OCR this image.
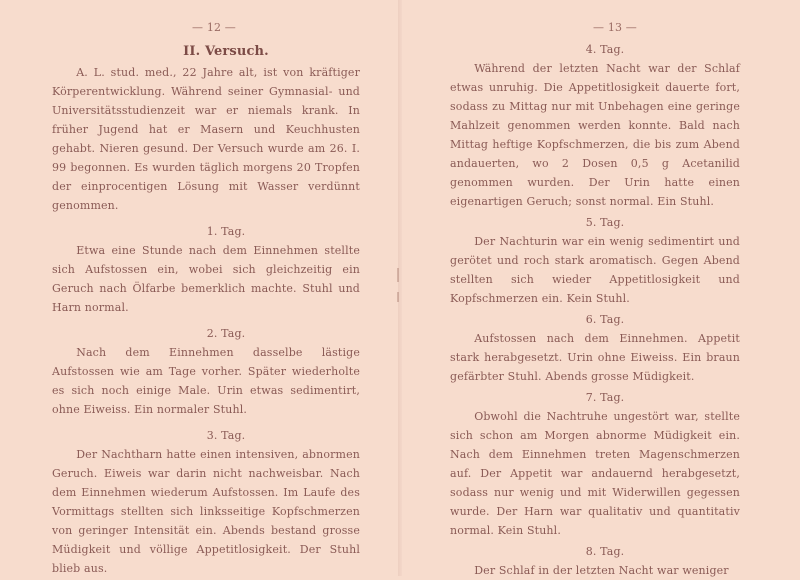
— 12 —
II. Versuch.

A. L. stud. med., 22 Jahre alt, ist von kräftiger Körperentwicklung. Während seiner Gymnasial- und Universitätsstudienzeit war er niemals krank. In früher Jugend hat er Masern und Keuchhusten gehabt. Nieren gesund. Der Versuch wurde am 26. I. 99 begonnen. Es wurden täglich morgens 20 Tropfen der einprocentigen Lösung mit Wasser verdünnt genommen.

1. Tag.

Etwa eine Stunde nach dem Einnehmen stellte sich Aufstossen ein, wobei sich gleichzeitig ein Geruch nach Ölfarbe bemerklich machte. Stuhl und Harn normal.

2. Tag.

Nach dem Einnehmen dasselbe lästige Aufstossen wie am Tage vorher. Später wiederholte es sich noch einige Male. Urin etwas sedimentirt, ohne Eiweiss. Ein normaler Stuhl.

3. Tag.

Der Nachtharn hatte einen intensiven, abnormen Geruch. Eiweis war darin nicht nachweisbar. Nach dem Einnehmen wiederum Aufstossen. Im Laufe des Vormittags stellten sich linksseitige Kopfschmerzen von geringer Intensität ein. Abends bestand grosse Müdigkeit und völlige Appetitlosigkeit. Der Stuhl blieb aus.

— 13 —
4. Tag.

Während der letzten Nacht war der Schlaf etwas unruhig. Die Appetitlosigkeit dauerte fort, sodass zu Mittag nur mit Unbehagen eine geringe Mahlzeit genommen werden konnte. Bald nach Mittag heftige Kopfschmerzen, die bis zum Abend andauerten, wo 2 Dosen 0,5 g Acetanilid genommen wurden. Der Urin hatte einen eigenartigen Geruch; sonst normal. Ein Stuhl.

5. Tag.

Der Nachturin war ein wenig sedimentirt und gerötet und roch stark aromatisch. Gegen Abend stellten sich wieder Appetitlosigkeit und Kopfschmerzen ein. Kein Stuhl.

6. Tag.

Aufstossen nach dem Einnehmen. Appetit stark herabgesetzt. Urin ohne Eiweiss. Ein braun gefärbter Stuhl. Abends grosse Müdigkeit.

7. Tag.

Obwohl die Nachtruhe ungestört war, stellte sich schon am Morgen abnorme Müdigkeit ein. Nach dem Einnehmen treten Magenschmerzen auf. Der Appetit war andauernd herabgesetzt, sodass nur wenig und mit Widerwillen gegessen wurde. Der Harn war qualitativ und quantitativ normal. Kein Stuhl.

8. Tag.

Der Schlaf in der letzten Nacht war weniger
